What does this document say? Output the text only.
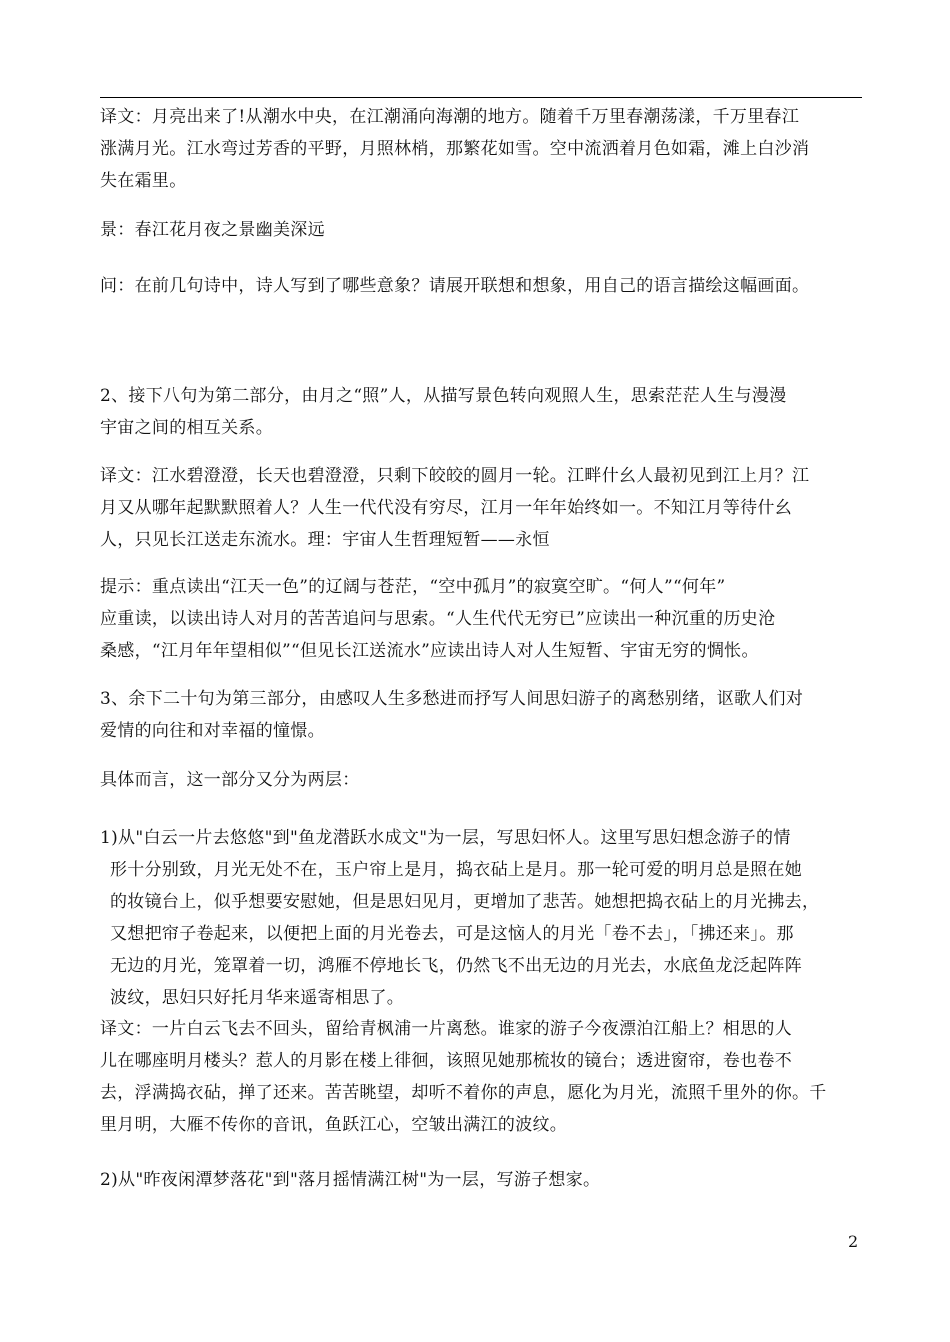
译文：月亮出来了!从潮水中央，在江潮涌向海潮的地方。随着千万里春潮荡漾，千万里春江
涨满月光。江水弯过芳香的平野，月照林梢，那繁花如雪。空中流洒着月色如霜，滩上白沙消
失在霜里。
景：春江花月夜之景幽美深远
问：在前几句诗中，诗人写到了哪些意象？请展开联想和想象，用自己的语言描绘这幅画面。
2、接下八句为第二部分，由月之“照”人，从描写景色转向观照人生，思索茫茫人生与漫漫
宇宙之间的相互关系。
译文：江水碧澄澄，长天也碧澄澄，只剩下皎皎的圆月一轮。江畔什幺人最初见到江上月？江
月又从哪年起默默照着人？人生一代代没有穷尽，江月一年年始终如一。不知江月等待什幺
人，只见长江送走东流水。理：宇宙人生哲理短暂——永恒
提示：重点读出“江天一色”的辽阔与苍茫，“空中孤月”的寂寞空旷。“何人”“何年”
应重读，以读出诗人对月的苦苦追问与思索。“人生代代无穷已”应读出一种沉重的历史沧
桑感，“江月年年望相似”“但见长江送流水”应读出诗人对人生短暂、宇宙无穷的惆怅。
3、余下二十句为第三部分，由感叹人生多愁进而抒写人间思妇游子的离愁别绪，讴歌人们对
爱情的向往和对幸福的憧憬。
具体而言，这一部分又分为两层：
1)从"白云一片去悠悠"到"鱼龙潜跃水成文"为一层，写思妇怀人。这里写思妇想念游子的情
形十分别致，月光无处不在，玉户帘上是月，捣衣砧上是月。那一轮可爱的明月总是照在她
的妆镜台上，似乎想要安慰她，但是思妇见月，更增加了悲苦。她想把捣衣砧上的月光拂去，
又想把帘子卷起来，以便把上面的月光卷去，可是这恼人的月光「卷不去」，「拂还来」。那
无边的月光，笼罩着一切，鸿雁不停地长飞，仍然飞不出无边的月光去，水底鱼龙泛起阵阵
波纹，思妇只好托月华来遥寄相思了。
译文：一片白云飞去不回头，留给青枫浦一片离愁。谁家的游子今夜漂泊江船上？相思的人
儿在哪座明月楼头？惹人的月影在楼上徘徊，该照见她那梳妆的镜台；透进窗帘，卷也卷不
去，浮满捣衣砧，掸了还来。苦苦眺望，却听不着你的声息，愿化为月光，流照千里外的你。千
里月明，大雁不传你的音讯，鱼跃江心，空皱出满江的波纹。
2)从"昨夜闲潭梦落花"到"落月摇情满江树"为一层，写游子想家。
2
